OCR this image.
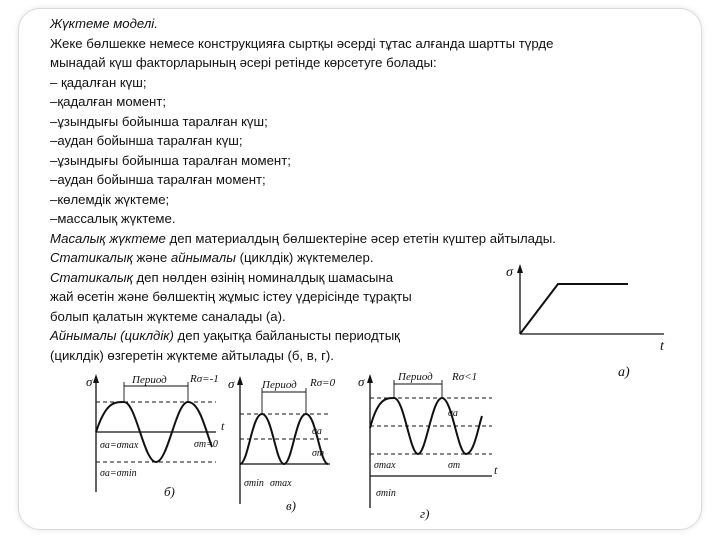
Жүктеме моделі.
Жеке бөлшекке немесе конструкцияға сыртқы әсерді тұтас алғанда шартты түрде
мынадай күш факторларының әсері ретінде көрсетуге болады:
– қадалған күш;
–қадалған момент;
–ұзындығы бойынша таралған күш;
–аудан бойынша таралған күш;
–ұзындығы бойынша таралған момент;
–аудан бойынша таралған момент;
–көлемдік жүктеме;
–массалық жүктеме.
Масалық жүктеме деп материалдың бөлшектеріне әсер ететін күштер айтылады.
Статикалық және айнымалы (циклдік) жүктемелер.
Статикалық деп нөлден өзінің номиналдық шамасына
жай өсетін және бөлшектің жұмыс істеу үдерісінде тұрақты
болып қалатын жүктеме саналады (а).
Айнымалы (циклдік) деп уақытқа байланысты периодтық
(циклдік) өзгеретін жүктеме айтылады (б, в, г).
σ
t
а)
σ
t
Период Rσ=-1
σa=σmax	σm=0
σa=σmin
б)
σ	Период Rσ=0
σa
σm
σmin σmax
в)
σ
t
Период Rσ<1
σa
σm
σmax
σmin
г)
